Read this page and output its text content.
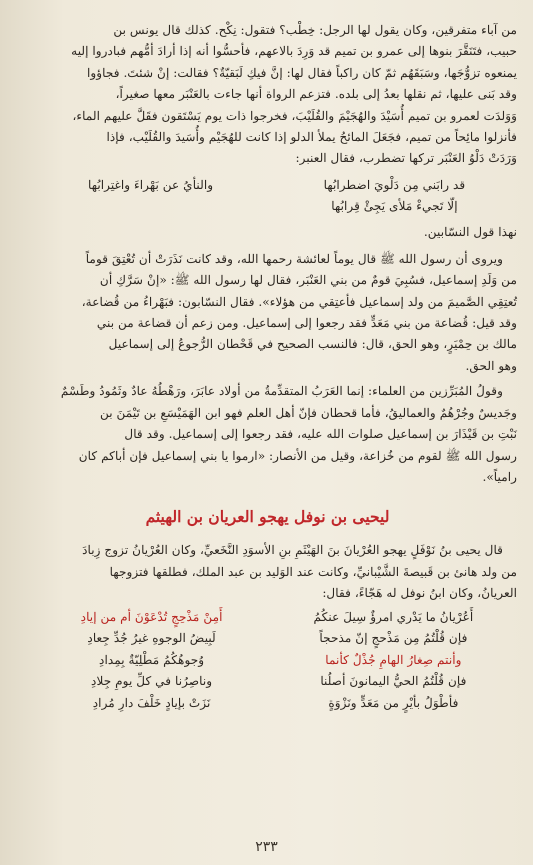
من آباء متفرقين، وكان يقول لها الرجل: خِطْب؟ فتقول: نِكْح. كذلك قال يونس بن

حبيب، فتَنَقَّرَ بنوها إلى عمرو بن تميم قد وَرِدَ بالاعهم، فأحسُّوا أنه إذا أرادَ أمُّهم فبادروا إليه

يمنعوه تزوُّجَها، وسَبَقَهُم ثمّ كان راكباً فقال لها: إنَّ فيكِ لَبَقيّةٌ؟ فقالت: إنْ شئتَ. فجاؤوا

وقد بَنى عليها، ثم نقلها بعدُ إلى بلده. فتزعم الرواة أنها جاءت بالعَنْبَر معها صغيراً،

وَوَلدَت لعمرو بن تميم أُسَيْدَ والهُجَيْمَ والقُلَيْبَ، فخرجوا ذات يوم يَسْتَقون فقَلَّ عليهم الماء،

فأنزلوا مائِحاً من تميم، فجَعَلَ المائحُ يملأ الدلو إذا كانت للهُجَيْم وأُسَيدَ والقُلَيْب، فإذا

وَرَدَتْ دَلْوُ العَنْبَر تركها تضطرب، فقال العنبر:

قد رابَني مِن دَلْويَ اضطرابُها
والنأيُ عن بَهْراءَ واغتِرابُها
إلّا تَجيءْ مَلأى يَجِئْ قِرابُها

نهذا قول النسّابين.

ويروى أن رسول الله ﷺ قال يوماً لعائشة رحمها الله، وقد كانت نَذَرَتْ أن تُعْتِقَ قوماً

من وَلَدِ إسماعيل، فسُبِيَ قومٌ من بني العَنْبَر، فقال لها رسول الله ﷺ: «إنْ سَرَّكِ أن

تُعتِقِي الصَّميمَ من ولد إسماعيل فأعتِقي من هؤلاء». فقال النسّابون: فبَهْراءُ من قُضاعة،

وقد قيل: قُضاعة من بني مَعَدٍّ فقد رجعوا إلى إسماعيل. ومن زعم أن قضاعة من بني

مالك بن حِمْيَرٍ، وهو الحق، قال: فالنسب الصحيح في قَحْطان الرُّجوعُ إلى إسماعيل

وهو الحق.

وقولُ المُبَرِّزين من العلماء: إنما العَرَبُ المتقدِّمةُ من أولاد عابَرَ، ورَهْطُهُ عادٌ وثَمُودُ وطَسْمٌ

وجَديسٌ وجُرْهُمٌ والعماليقُ، فأما قحطان فإنّ أهل العلم فهو ابن الهَمَيْسَعِ بن تَيْمَنَ بن

نَبْتِ بن قَيْذَارَ بن إسماعيل صلوات الله عليه، فقد رجعوا إلى إسماعيل. وقد قال

رسول الله ﷺ لقوم من خُزاعة، وقيل من الأنصار: «ارموا يا بني إسماعيل فإن أباكم كان

رامياً».

ليحيى بن نوفل يهجو العريان بن الهيثم

قال يحيى بنُ نَوْفَلٍ يهجو العُرْيانَ بنَ الهَيْثَمِ بنِ الأسوَدِ النَّخَعيِّ، وكان العُرْيانُ تزوج زِبادَ

من ولد هانئ بن قَبيصةَ الشَّيْبانيِّ، وكانت عند الوَليد بن عبد الملك، فطلقها فتزوجها

العريانُ، وكان ابنُ نوفل له هَجّاءً، فقال:

أَعُرْيانُ ما يَدْري امرؤٌ سِيلَ عنكُمُ
أَمِنْ مَذْحِجٍ تُدْعَوْنَ أم من إيادِ
فإن قُلْتُمُ مِن مَذْحجٍ إنّ مذحجاً
لَبِيضُ الوجوهِ غيرُ جُدِّ جِعادِ
وأنتم صِغارُ الهامِ جُذْلٌ كأنما
وُجوهُكُمُ مَطْلِيّةٌ بِمِدادِ
فإن قُلْتُمُ الحيُّ اليمانونَ أصلُنا
وناصِرُنا في كلِّ يومِ جِلادِ
فأطْوَلُ بأيْرٍ من مَعَدٍّ ونَزْوَةٍ
نَزَتْ بإيادٍ خَلْفَ دارِ مُرادِ
٢٣٣
